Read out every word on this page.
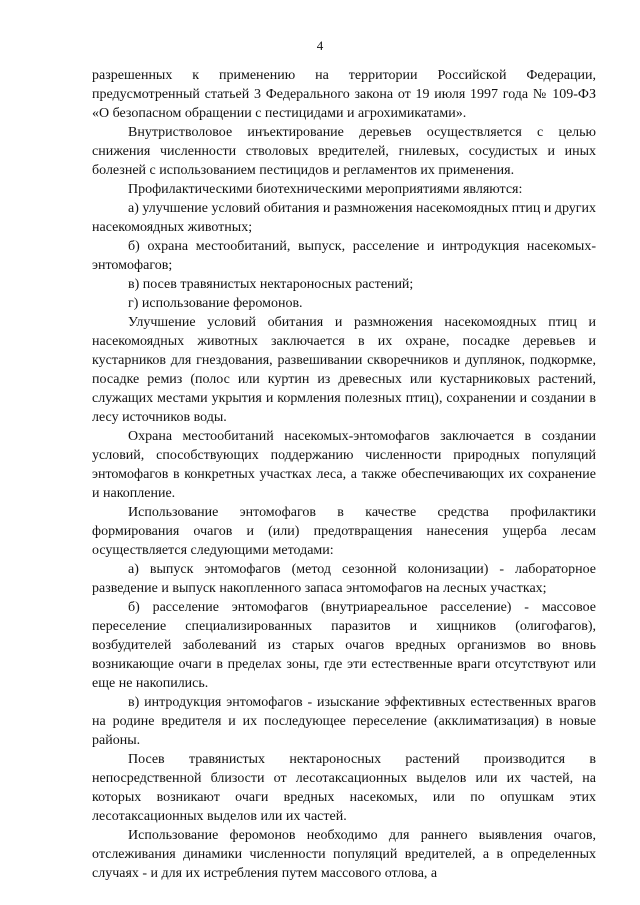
4

разрешенных к применению на территории Российской Федерации, предусмотренный статьей 3 Федерального закона от 19 июля 1997 года № 109-ФЗ «О безопасном обращении с пестицидами и агрохимикатами».

Внутристволовое инъектирование деревьев осуществляется с целью снижения численности стволовых вредителей, гнилевых, сосудистых и иных болезней с использованием пестицидов и регламентов их применения.

Профилактическими биотехническими мероприятиями являются:

а) улучшение условий обитания и размножения насекомоядных птиц и других насекомоядных животных;

б) охрана местообитаний, выпуск, расселение и интродукция насекомых-энтомофагов;

в) посев травянистых нектароносных растений;

г) использование феромонов.

Улучшение условий обитания и размножения насекомоядных птиц и насекомоядных животных заключается в их охране, посадке деревьев и кустарников для гнездования, развешивании скворечников и дуплянок, подкормке, посадке ремиз (полос или куртин из древесных или кустарниковых растений, служащих местами укрытия и кормления полезных птиц), сохранении и создании в лесу источников воды.

Охрана местообитаний насекомых-энтомофагов заключается в создании условий, способствующих поддержанию численности природных популяций энтомофагов в конкретных участках леса, а также обеспечивающих их сохранение и накопление.

Использование энтомофагов в качестве средства профилактики формирования очагов и (или) предотвращения нанесения ущерба лесам осуществляется следующими методами:

а) выпуск энтомофагов (метод сезонной колонизации) - лабораторное разведение и выпуск накопленного запаса энтомофагов на лесных участках;

б) расселение энтомофагов (внутриареальное расселение) - массовое переселение специализированных паразитов и хищников (олигофагов), возбудителей заболеваний из старых очагов вредных организмов во вновь возникающие очаги в пределах зоны, где эти естественные враги отсутствуют или еще не накопились.

в) интродукция энтомофагов - изыскание эффективных естественных врагов на родине вредителя и их последующее переселение (акклиматизация) в новые районы.

Посев травянистых нектароносных растений производится в непосредственной близости от лесотаксационных выделов или их частей, на которых возникают очаги вредных насекомых, или по опушкам этих лесотаксационных выделов или их частей.

Использование феромонов необходимо для раннего выявления очагов, отслеживания динамики численности популяций вредителей, а в определенных случаях - и для их истребления путем массового отлова, а
